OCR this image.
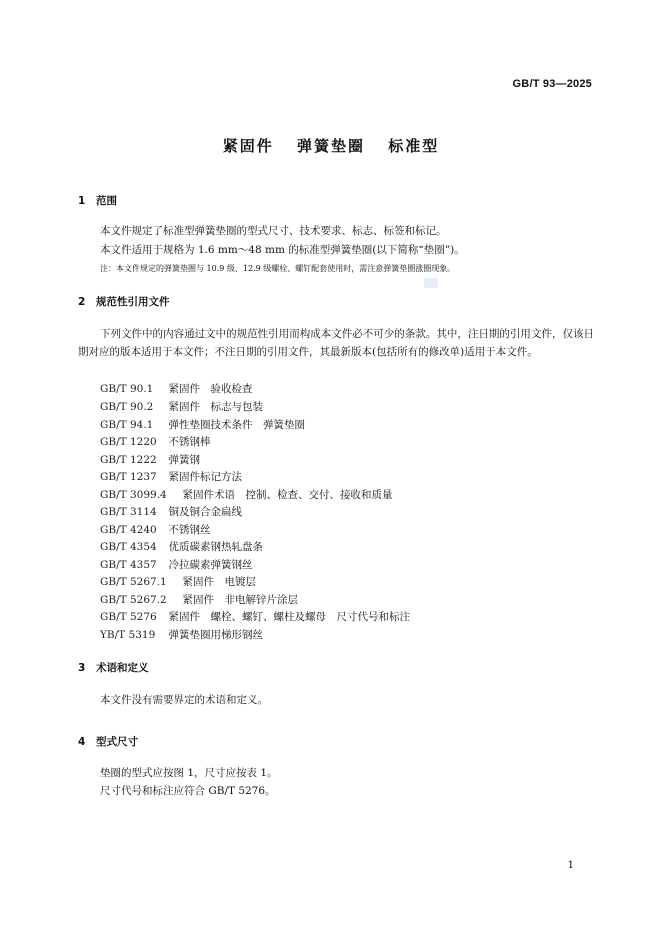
GB/T 93—2025
紧固件 弹簧垫圈 标准型
1 范围
本文件规定了标准型弹簧垫圈的型式尺寸、技术要求、标志、标签和标记。
本文件适用于规格为 1.6 mm～48 mm 的标准型弹簧垫圈(以下简称“垫圈”)。
注：本文件规定的弹簧垫圈与 10.9 级、12.9 级螺栓、螺钉配套使用时，需注意弹簧垫圈涨圈现象。
2 规范性引用文件
下列文件中的内容通过文中的规范性引用而构成本文件必不可少的条款。其中，注日期的引用文件，仅该日期对应的版本适用于本文件；不注日期的引用文件，其最新版本(包括所有的修改单)适用于本文件。
GB/T 90.1　 紧固件　验收检查
GB/T 90.2　 紧固件　标志与包装
GB/T 94.1　 弹性垫圈技术条件　弹簧垫圈
GB/T 1220　 不锈钢棒
GB/T 1222　 弹簧钢
GB/T 1237　 紧固件标记方法
GB/T 3099.4　 紧固件术语　控制、检查、交付、接收和质量
GB/T 3114　 铜及铜合金扁线
GB/T 4240　 不锈钢丝
GB/T 4354　 优质碳素钢热轧盘条
GB/T 4357　 冷拉碳素弹簧钢丝
GB/T 5267.1　 紧固件　电镀层
GB/T 5267.2　 紧固件　非电解锌片涂层
GB/T 5276　 紧固件　螺栓、螺钉、螺柱及螺母　尺寸代号和标注
YB/T 5319　 弹簧垫圈用梯形钢丝
3 术语和定义
本文件没有需要界定的术语和定义。
4 型式尺寸
垫圈的型式应按图 1，尺寸应按表 1。
尺寸代号和标注应符合 GB/T 5276。
1
